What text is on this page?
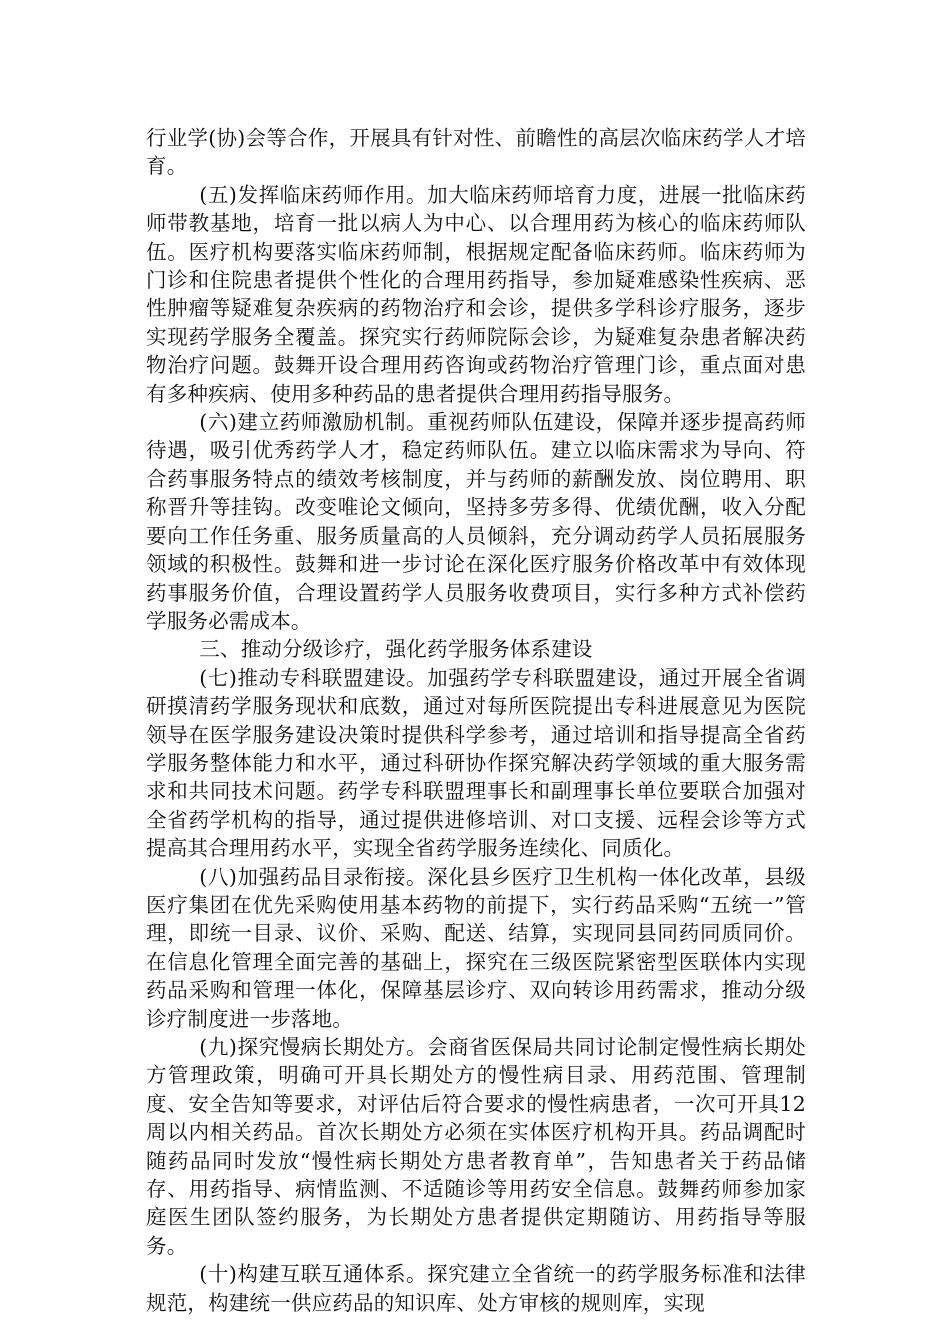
行业学(协)会等合作，开展具有针对性、前瞻性的高层次临床药学人才培育。

(五)发挥临床药师作用。加大临床药师培育力度，进展一批临床药师带教基地，培育一批以病人为中心、以合理用药为核心的临床药师队伍。医疗机构要落实临床药师制，根据规定配备临床药师。临床药师为门诊和住院患者提供个性化的合理用药指导，参加疑难感染性疾病、恶性肿瘤等疑难复杂疾病的药物治疗和会诊，提供多学科诊疗服务，逐步实现药学服务全覆盖。探究实行药师院际会诊，为疑难复杂患者解决药物治疗问题。鼓舞开设合理用药咨询或药物治疗管理门诊，重点面对患有多种疾病、使用多种药品的患者提供合理用药指导服务。

(六)建立药师激励机制。重视药师队伍建设，保障并逐步提高药师待遇，吸引优秀药学人才，稳定药师队伍。建立以临床需求为导向、符合药事服务特点的绩效考核制度，并与药师的薪酬发放、岗位聘用、职称晋升等挂钩。改变唯论文倾向，坚持多劳多得、优绩优酬，收入分配要向工作任务重、服务质量高的人员倾斜，充分调动药学人员拓展服务领域的积极性。鼓舞和进一步讨论在深化医疗服务价格改革中有效体现药事服务价值，合理设置药学人员服务收费项目，实行多种方式补偿药学服务必需成本。

三、推动分级诊疗，强化药学服务体系建设

(七)推动专科联盟建设。加强药学专科联盟建设，通过开展全省调研摸清药学服务现状和底数，通过对每所医院提出专科进展意见为医院领导在医学服务建设决策时提供科学参考，通过培训和指导提高全省药学服务整体能力和水平，通过科研协作探究解决药学领域的重大服务需求和共同技术问题。药学专科联盟理事长和副理事长单位要联合加强对全省药学机构的指导，通过提供进修培训、对口支援、远程会诊等方式提高其合理用药水平，实现全省药学服务连续化、同质化。

(八)加强药品目录衔接。深化县乡医疗卫生机构一体化改革，县级医疗集团在优先采购使用基本药物的前提下，实行药品采购“五统一”管理，即统一目录、议价、采购、配送、结算，实现同县同药同质同价。在信息化管理全面完善的基础上，探究在三级医院紧密型医联体内实现药品采购和管理一体化，保障基层诊疗、双向转诊用药需求，推动分级诊疗制度进一步落地。

(九)探究慢病长期处方。会商省医保局共同讨论制定慢性病长期处方管理政策，明确可开具长期处方的慢性病目录、用药范围、管理制度、安全告知等要求，对评估后符合要求的慢性病患者，一次可开具12周以内相关药品。首次长期处方必须在实体医疗机构开具。药品调配时随药品同时发放“慢性病长期处方患者教育单”，告知患者关于药品储存、用药指导、病情监测、不适随诊等用药安全信息。鼓舞药师参加家庭医生团队签约服务，为长期处方患者提供定期随访、用药指导等服务。

(十)构建互联互通体系。探究建立全省统一的药学服务标准和法律规范，构建统一供应药品的知识库、处方审核的规则库，实现
